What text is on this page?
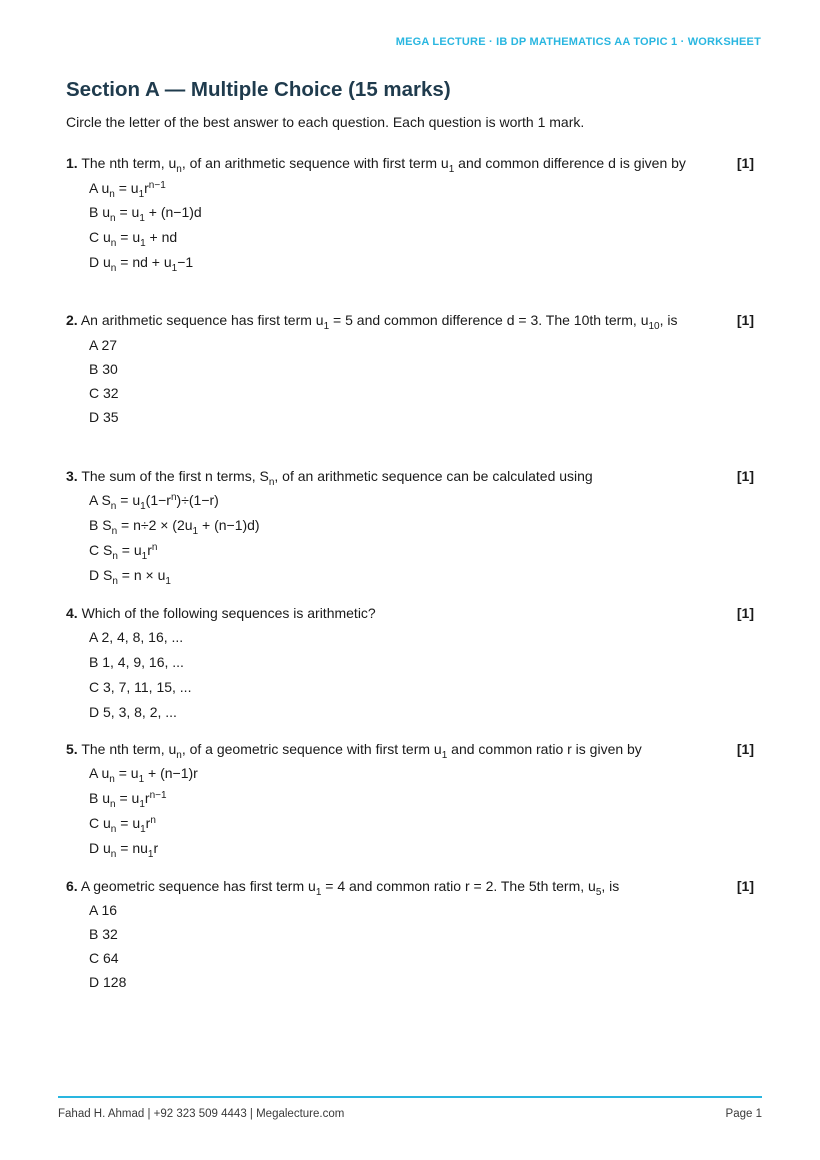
MEGA LECTURE · IB DP MATHEMATICS AA TOPIC 1 · WORKSHEET
Section A — Multiple Choice (15 marks)
Circle the letter of the best answer to each question. Each question is worth 1 mark.
1. The nth term, $u_n$, of an arithmetic sequence with first term $u_1$ and common difference d is given by	[1]
A $u_n = u_1r^{n-1}$
B $u_n = u_1 + (n-1)d$
C $u_n = u_1$ + nd
D $u_n$ = nd + $u_1-1$
2. An arithmetic sequence has first term $u_1 = 5$ and common difference d = 3. The 10th term, $u_{10}$, is	[1]
A 27
B 30
C 32
D 35
3. The sum of the first n terms, $S_n$, of an arithmetic sequence can be calculated using	[1]
A $S_n = u_1(1-r^n)\div(1-r)$
B $S_n = n\div 2 \times (2u_1 + (n-1)d)$
C $S_n = u_1r^n$
D $S_n = n \times u_1$
4. Which of the following sequences is arithmetic?	[1]
A 2, 4, 8, 16, ...
B 1, 4, 9, 16, ...
C 3, 7, 11, 15, ...
D 5, 3, 8, 2, ...
5. The nth term, $u_n$, of a geometric sequence with first term $u_1$ and common ratio r is given by	[1]
A $u_n = u_1 + (n-1)r$
B $u_n = u_1r^{n-1}$
C $u_n = u_1r^n$
D $u_n = nu_1r$
6. A geometric sequence has first term $u_1 = 4$ and common ratio r = 2. The 5th term, $u_5$, is	[1]
A 16
B 32
C 64
D 128
Fahad H. Ahmad | +92 323 509 4443 | Megalecture.com	Page 1
